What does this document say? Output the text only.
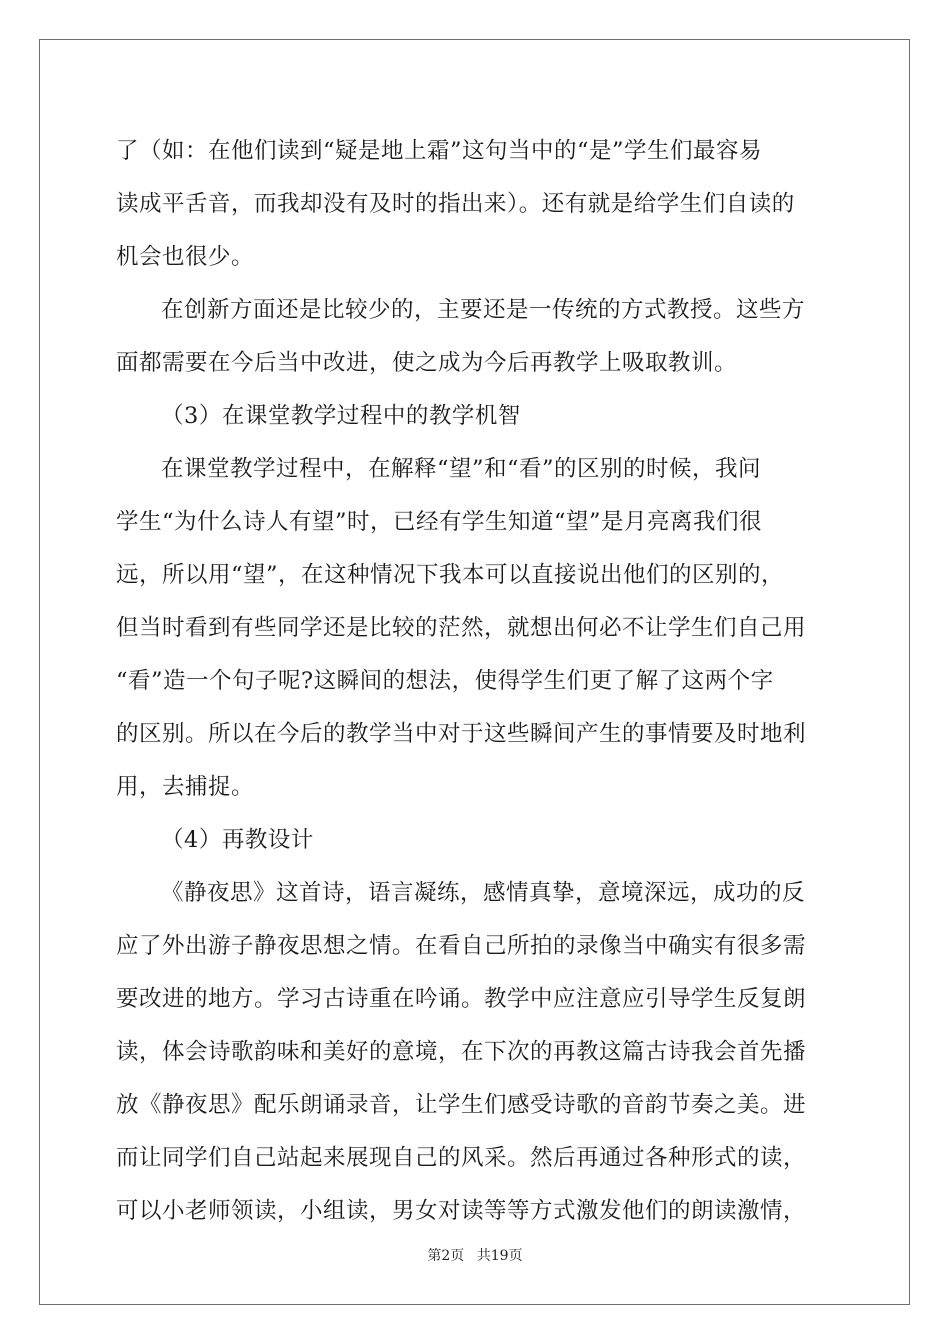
了（如：在他们读到“疑是地上霜”这句当中的“是”学生们最容易
读成平舌音，而我却没有及时的指出来）。还有就是给学生们自读的
机会也很少。
在创新方面还是比较少的，主要还是一传统的方式教授。这些方
面都需要在今后当中改进，使之成为今后再教学上吸取教训。
（3）在课堂教学过程中的教学机智
在课堂教学过程中，在解释“望”和“看”的区别的时候，我问
学生“为什么诗人有望”时，已经有学生知道“望”是月亮离我们很
远，所以用“望”，在这种情况下我本可以直接说出他们的区别的，
但当时看到有些同学还是比较的茫然，就想出何必不让学生们自己用
“看”造一个句子呢?这瞬间的想法，使得学生们更了解了这两个字
的区别。所以在今后的教学当中对于这些瞬间产生的事情要及时地利
用，去捕捉。
（4）再教设计
《静夜思》这首诗，语言凝练，感情真挚，意境深远，成功的反
应了外出游子静夜思想之情。在看自己所拍的录像当中确实有很多需
要改进的地方。学习古诗重在吟诵。教学中应注意应引导学生反复朗
读，体会诗歌韵味和美好的意境，在下次的再教这篇古诗我会首先播
放《静夜思》配乐朗诵录音，让学生们感受诗歌的音韵节奏之美。进
而让同学们自己站起来展现自己的风采。然后再通过各种形式的读，
可以小老师领读，小组读，男女对读等等方式激发他们的朗读激情，
第2页 共19页
